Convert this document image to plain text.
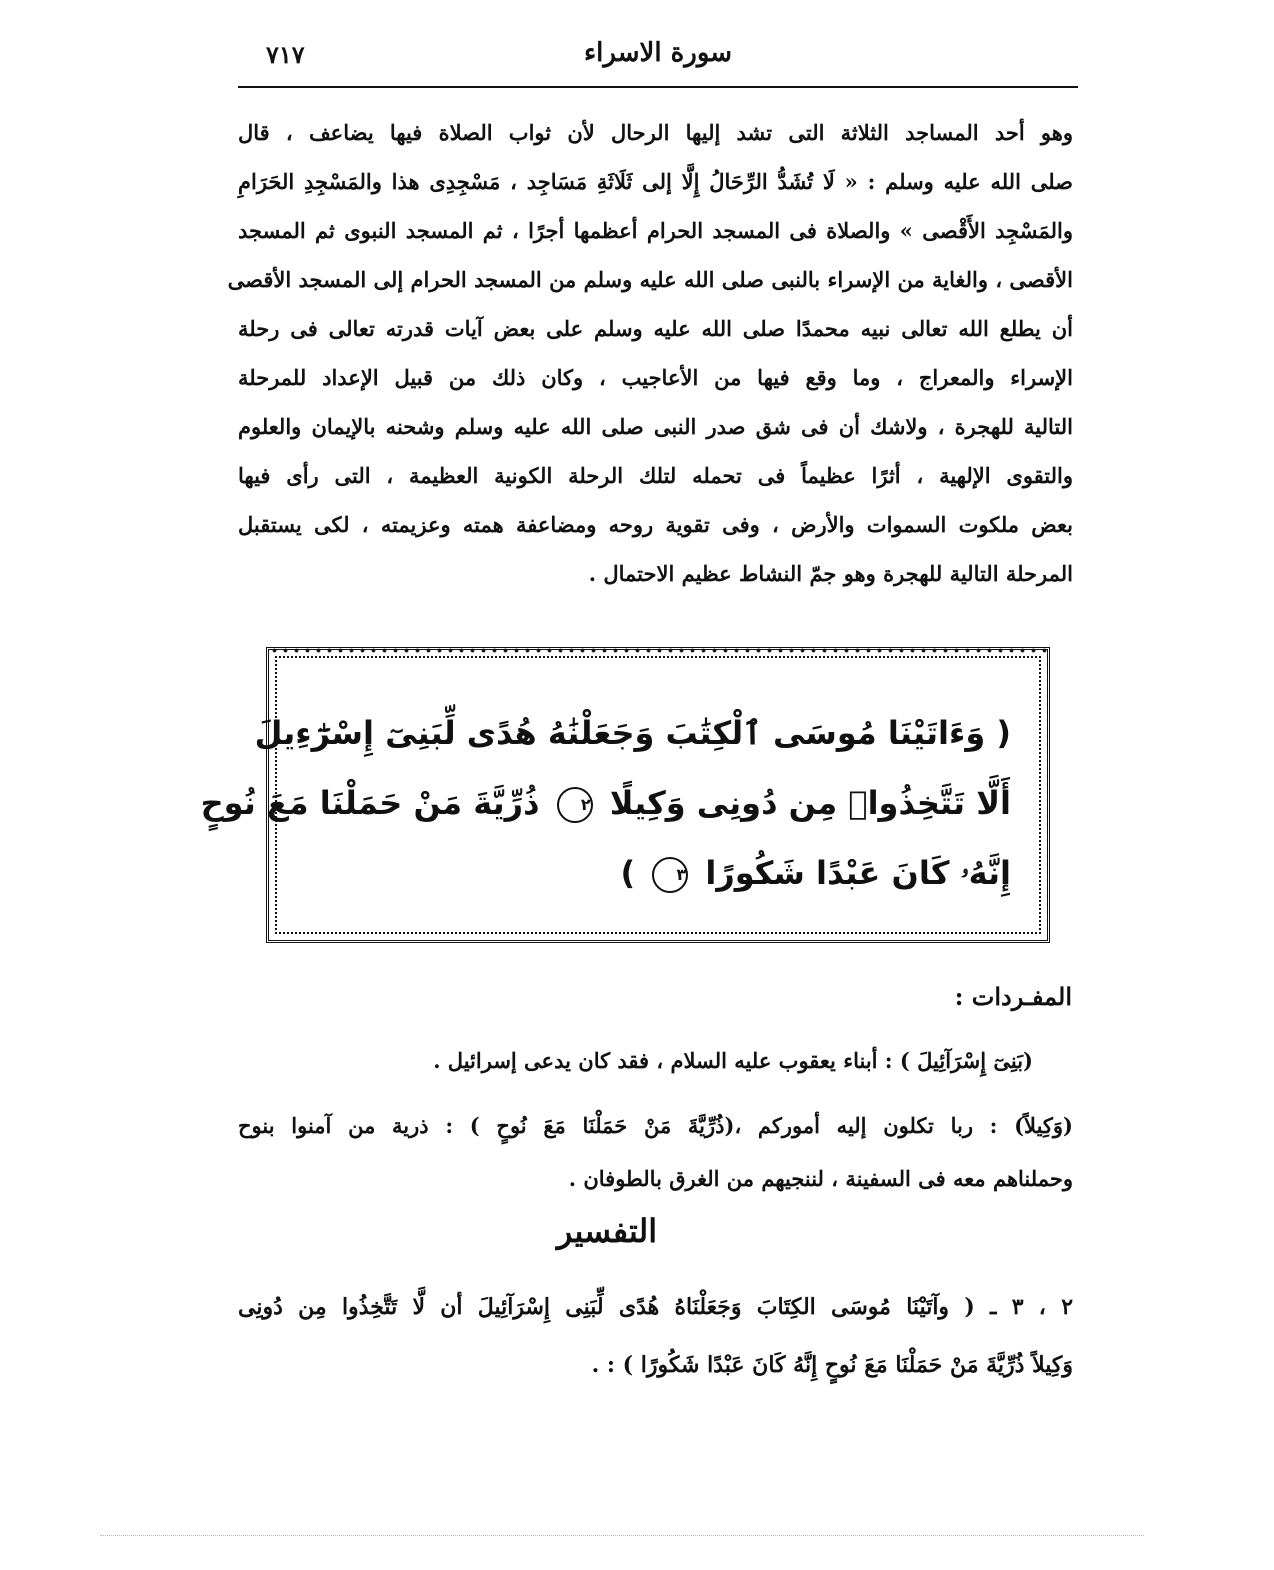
٧١٧	سورة الاسراء
وهو أحد المساجد الثلاثة التى تشد إليها الرحال لأن ثواب الصلاة فيها يضاعف ، قال
صلى الله عليه وسلم : « لَا تُشَدُّ الرِّحَالُ إِلَّا إلى ثَلَاثَةِ مَسَاجِد ، مَسْجِدِى هذا والمَسْجِدِ الحَرَامِ
والمَسْجِد الأَقْصى » والصلاة فى المسجد الحرام أعظمها أجرًا ، ثم المسجد النبوى ثم المسجد
الأقصى ، والغاية من الإسراء بالنبى صلى الله عليه وسلم من المسجد الحرام إلى المسجد الأقصى
أن يطلع الله تعالى نبيه محمدًا صلى الله عليه وسلم على بعض آيات قدرته تعالى فى رحلة
الإسراء والمعراج ، وما وقع فيها من الأعاجيب ، وكان ذلك من قبيل الإعداد للمرحلة
التالية للهجرة ، ولاشك أن فى شق صدر النبى صلى الله عليه وسلم وشحنه بالإيمان والعلوم
والتقوى الإلهية ، أثرًا عظيماً فى تحمله لتلك الرحلة الكونية العظيمة ، التى رأى فيها
بعض ملكوت السموات والأرض ، وفى تقوية روحه ومضاعفة همته وعزيمته ، لكى يستقبل
المرحلة التالية للهجرة وهو جمّ النشاط عظيم الاحتمال .
( وَءَاتَيْنَا مُوسَى ٱلْكِتَٰبَ وَجَعَلْنَٰهُ هُدًى لِّبَنِىٓ إِسْرَٰٓءِيلَ
أَلَّا تَتَّخِذُوا۟ مِن دُونِى وَكِيلًا ٢ ذُرِّيَّةَ مَنْ حَمَلْنَا مَعَ نُوحٍ
إِنَّهُۥ كَانَ عَبْدًا شَكُورًا ٣ )
المفـردات :
(بَنِىٓ إِسْرَآئِيلَ ) : أبناء يعقوب عليه السلام ، فقد كان يدعى إسرائيل .
(وَكِيلاً) : ربا تكلون إليه أموركم ،(ذُرِّيَّةَ مَنْ حَمَلْنَا مَعَ نُوحٍ ) : ذرية من آمنوا بنوح
وحملناهم معه فى السفينة ، لننجيهم من الغرق بالطوفان .
التفسير
٢ ، ٣ ـ ( وآتَيْنَا مُوسَى الكِتَابَ وَجَعَلْنَاهُ هُدًى لِّبَنِى إِسْرَآئِيلَ أن لَّا تَتَّخِذُوا مِن دُونِى
وَكِيلاً ذُرِّيَّةَ مَنْ حَمَلْنَا مَعَ نُوحٍ إِنَّهُ كَانَ عَبْدًا شَكُورًا ) : .
